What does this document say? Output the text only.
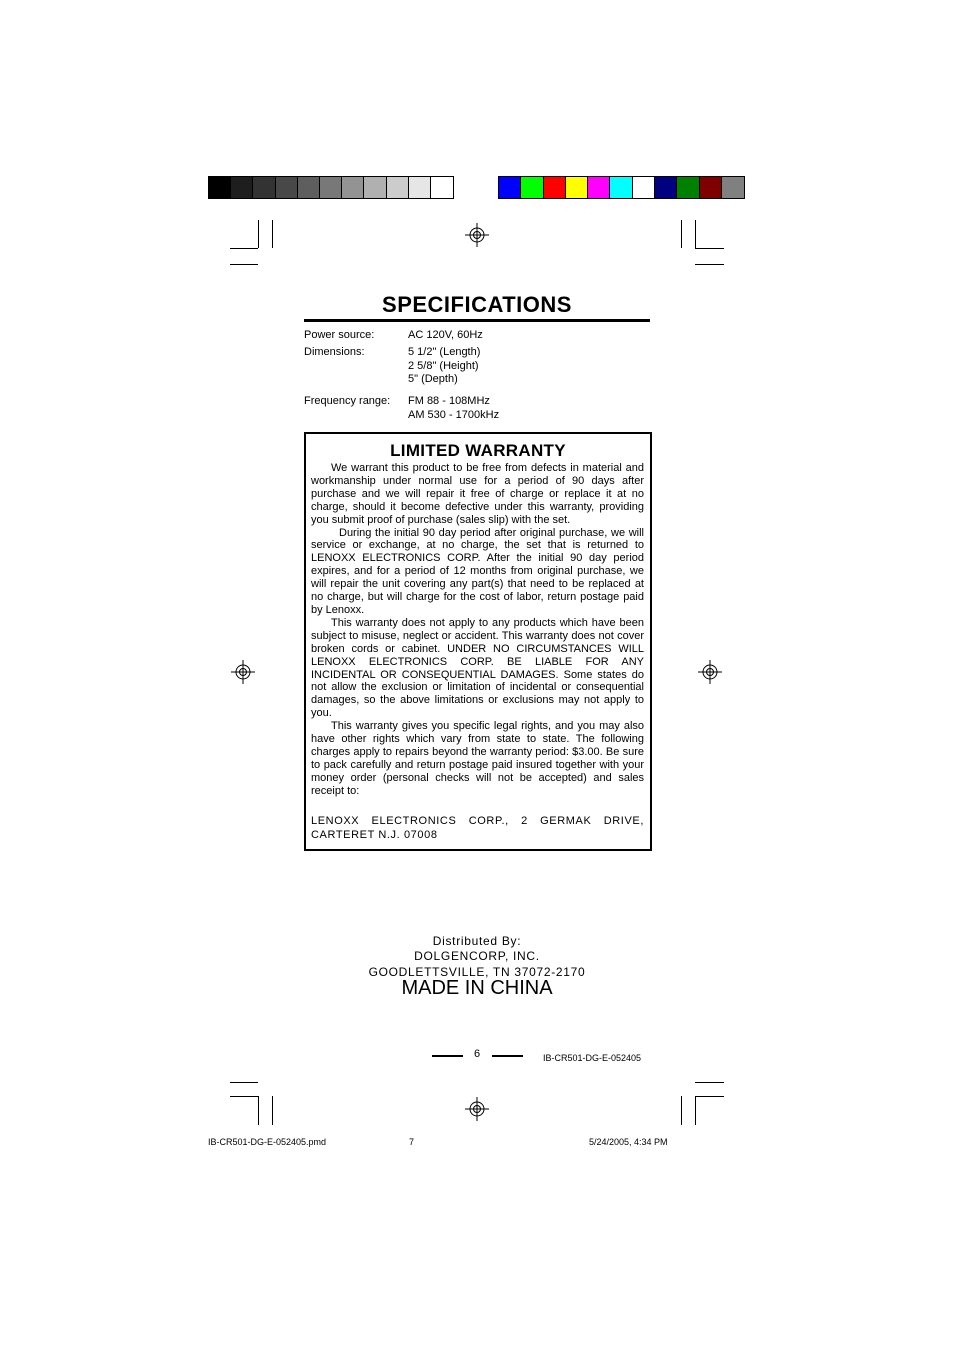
SPECIFICATIONS
Power source:	AC 120V, 60Hz
Dimensions:	5 1/2" (Length)
2 5/8" (Height)
5" (Depth)
Frequency range:	FM 88 - 108MHz
AM 530 - 1700kHz
LIMITED WARRANTY

We warrant this product to be free from defects in material and workmanship under normal use for a period of 90 days after purchase and we will repair it free of charge or replace it at no charge, should it become defective under this warranty, providing you submit proof of purchase (sales slip) with the set.

During the initial 90 day period after original purchase, we will service or exchange, at no charge, the set that is returned to LENOXX ELECTRONICS CORP. After the initial 90 day period expires, and for a period of 12 months from original purchase, we will repair the unit covering any part(s) that need to be replaced at no charge, but will charge for the cost of labor, return postage paid by Lenoxx.

This warranty does not apply to any products which have been subject to misuse, neglect or accident. This warranty does not cover broken cords or cabinet. UNDER NO CIRCUMSTANCES WILL LENOXX ELECTRONICS CORP. BE LIABLE FOR ANY INCIDENTAL OR CONSEQUENTIAL DAMAGES. Some states do not allow the exclusion or limitation of incidental or consequential damages, so the above limitations or exclusions may not apply to you.

This warranty gives you specific legal rights, and you may also have other rights which vary from state to state. The following charges apply to repairs beyond the warranty period: $3.00. Be sure to pack carefully and return postage paid insured together with your money order (personal checks will not be accepted) and sales receipt to:

LENOXX ELECTRONICS CORP., 2 GERMAK DRIVE, CARTERET N.J. 07008
Distributed By:
DOLGENCORP, INC.
GOODLETTSVILLE, TN 37072-2170
MADE IN CHINA
6	IB-CR501-DG-E-052405
IB-CR501-DG-E-052405.pmd	7	5/24/2005, 4:34 PM
